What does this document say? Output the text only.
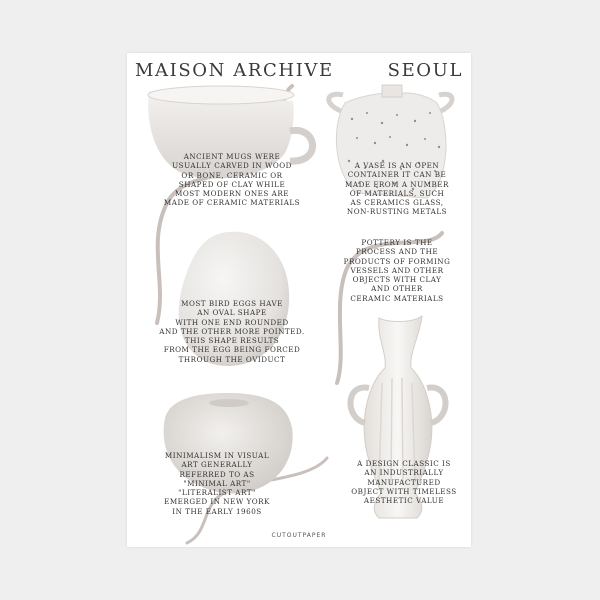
MAISON ARCHIVE	SEOUL
ANCIENT MUGS WERE
USUALLY CARVED IN WOOD
OR BONE, CERAMIC OR
SHAPED OF CLAY WHILE
MOST MODERN ONES ARE
MADE OF CERAMIC MATERIALS
A VASE IS AN OPEN
CONTAINER IT CAN BE
MADE FROM A NUMBER
OF MATERIALS, SUCH
AS CERAMICS GLASS,
NON-RUSTING METALS
POTTERY IS THE
PROCESS AND THE
PRODUCTS OF FORMING
VESSELS AND OTHER
OBJECTS WITH CLAY
AND OTHER
CERAMIC MATERIALS
MOST BIRD EGGS HAVE
AN OVAL SHAPE
WITH ONE END ROUNDED
AND THE OTHER MORE POINTED.
THIS SHAPE RESULTS
FROM THE EGG BEING FORCED
THROUGH THE OVIDUCT
MINIMALISM IN VISUAL
ART GENERALLY
REFERRED TO AS
"MINIMAL ART"
"LITERALIST ART"
EMERGED IN NEW YORK
IN THE EARLY 1960S
A DESIGN CLASSIC IS
AN INDUSTRIALLY
MANUFACTURED
OBJECT WITH TIMELESS
AESTHETIC VALUE
CUTOUTPAPER
